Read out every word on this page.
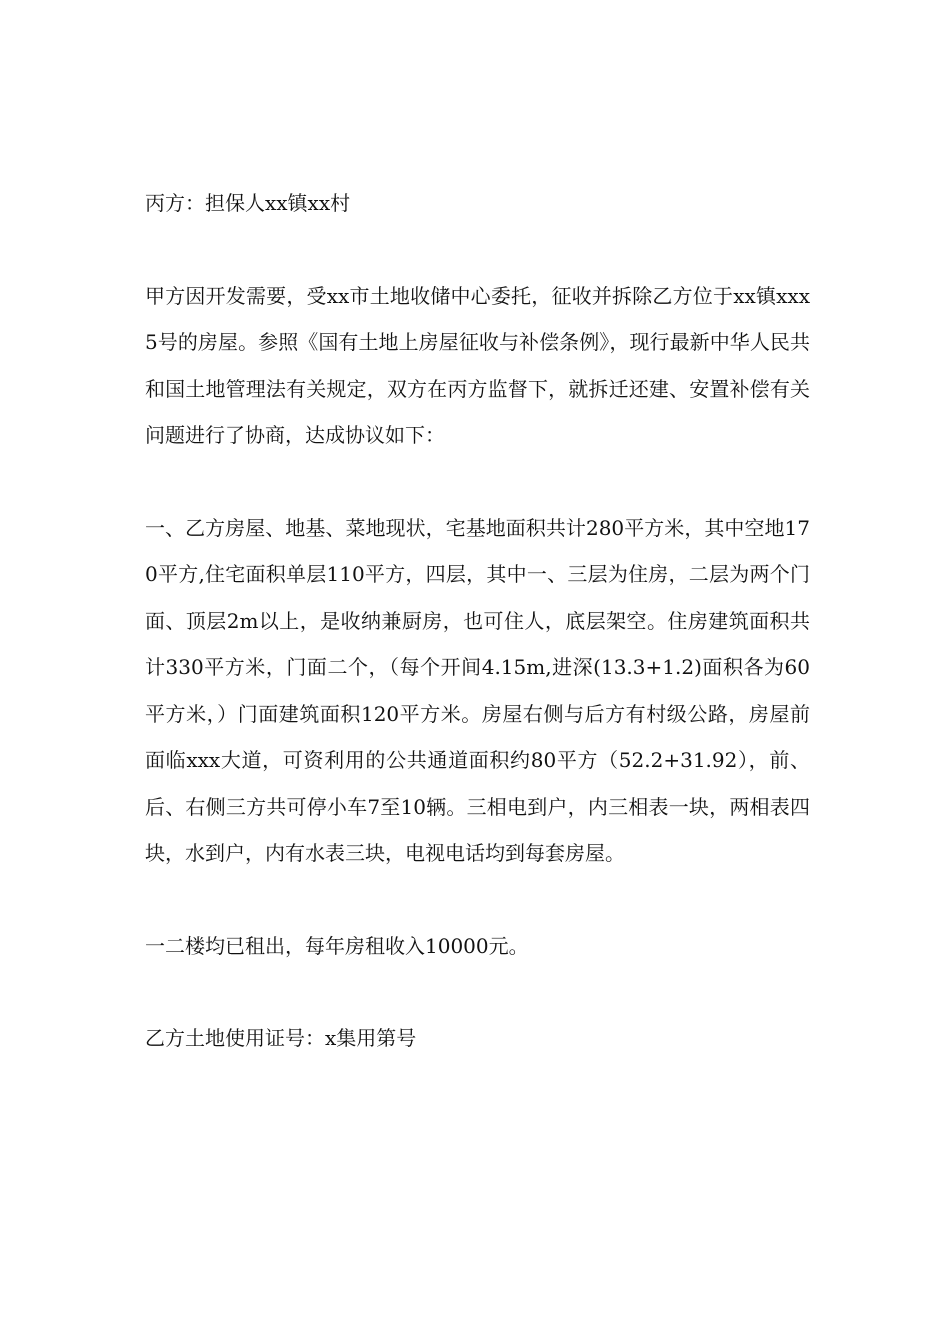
丙方：担保人xx镇xx村

甲方因开发需要，受xx市土地收储中心委托，征收并拆除乙方位于xx镇xxx5号的房屋。参照《国有土地上房屋征收与补偿条例》，现行最新中华人民共和国土地管理法有关规定，双方在丙方监督下，就拆迁还建、安置补偿有关问题进行了协商，达成协议如下：

一、乙方房屋、地基、菜地现状，宅基地面积共计280平方米，其中空地170平方,住宅面积单层110平方，四层，其中一、三层为住房，二层为两个门面、顶层2m以上，是收纳兼厨房，也可住人，底层架空。住房建筑面积共计330平方米，门面二个，（每个开间4.15m,进深(13.3+1.2)面积各为60平方米，）门面建筑面积120平方米。房屋右侧与后方有村级公路，房屋前面临xxx大道，可资利用的公共通道面积约80平方（52.2+31.92），前、后、右侧三方共可停小车7至10辆。三相电到户，内三相表一块，两相表四块，水到户，内有水表三块，电视电话均到每套房屋。

一二楼均已租出，每年房租收入10000元。

乙方土地使用证号：x集用第号
